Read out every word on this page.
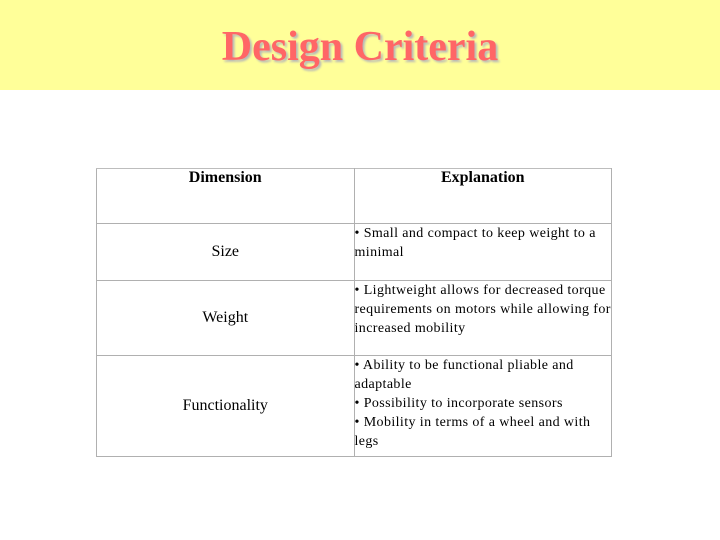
Design Criteria
Dimension	Explanation
Size	• Small and compact to keep weight to a minimal

Weight	• Lightweight allows for decreased torque requirements on motors while allowing for increased mobility

Functionality	• Ability to be functional pliable and adaptable
• Possibility to incorporate sensors
• Mobility in terms of a wheel and with legs
